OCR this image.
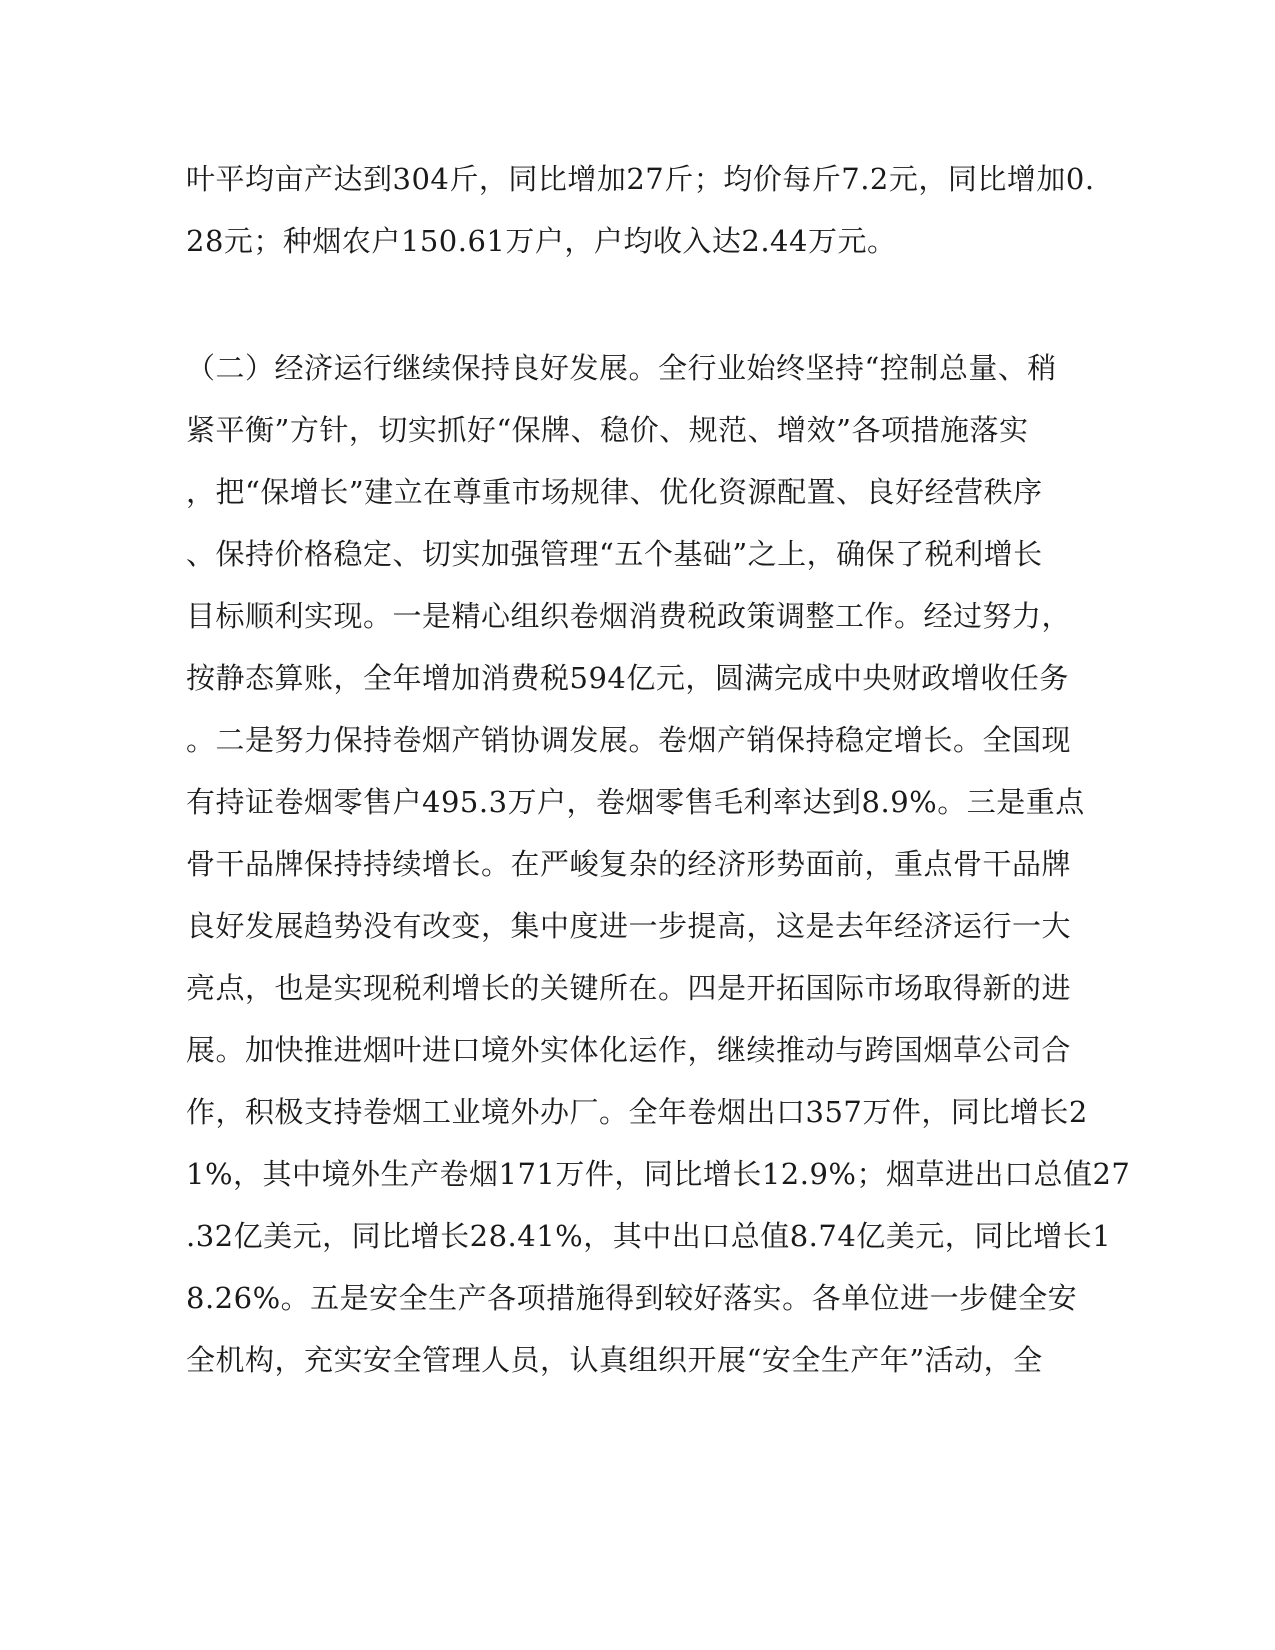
叶平均亩产达到304斤，同比增加27斤；均价每斤7.2元，同比增加0.
28元；种烟农户150.61万户，户均收入达2.44万元。
（二）经济运行继续保持良好发展。全行业始终坚持“控制总量、稍
紧平衡”方针，切实抓好“保牌、稳价、规范、增效”各项措施落实
，把“保增长”建立在尊重市场规律、优化资源配置、良好经营秩序
、保持价格稳定、切实加强管理“五个基础”之上，确保了税利增长
目标顺利实现。一是精心组织卷烟消费税政策调整工作。经过努力，
按静态算账，全年增加消费税594亿元，圆满完成中央财政增收任务
。二是努力保持卷烟产销协调发展。卷烟产销保持稳定增长。全国现
有持证卷烟零售户495.3万户，卷烟零售毛利率达到8.9%。三是重点
骨干品牌保持持续增长。在严峻复杂的经济形势面前，重点骨干品牌
良好发展趋势没有改变，集中度进一步提高，这是去年经济运行一大
亮点，也是实现税利增长的关键所在。四是开拓国际市场取得新的进
展。加快推进烟叶进口境外实体化运作，继续推动与跨国烟草公司合
作，积极支持卷烟工业境外办厂。全年卷烟出口357万件，同比增长2
1%，其中境外生产卷烟171万件，同比增长12.9%；烟草进出口总值27
.32亿美元，同比增长28.41%，其中出口总值8.74亿美元，同比增长1
8.26%。五是安全生产各项措施得到较好落实。各单位进一步健全安
全机构，充实安全管理人员，认真组织开展“安全生产年”活动，全
